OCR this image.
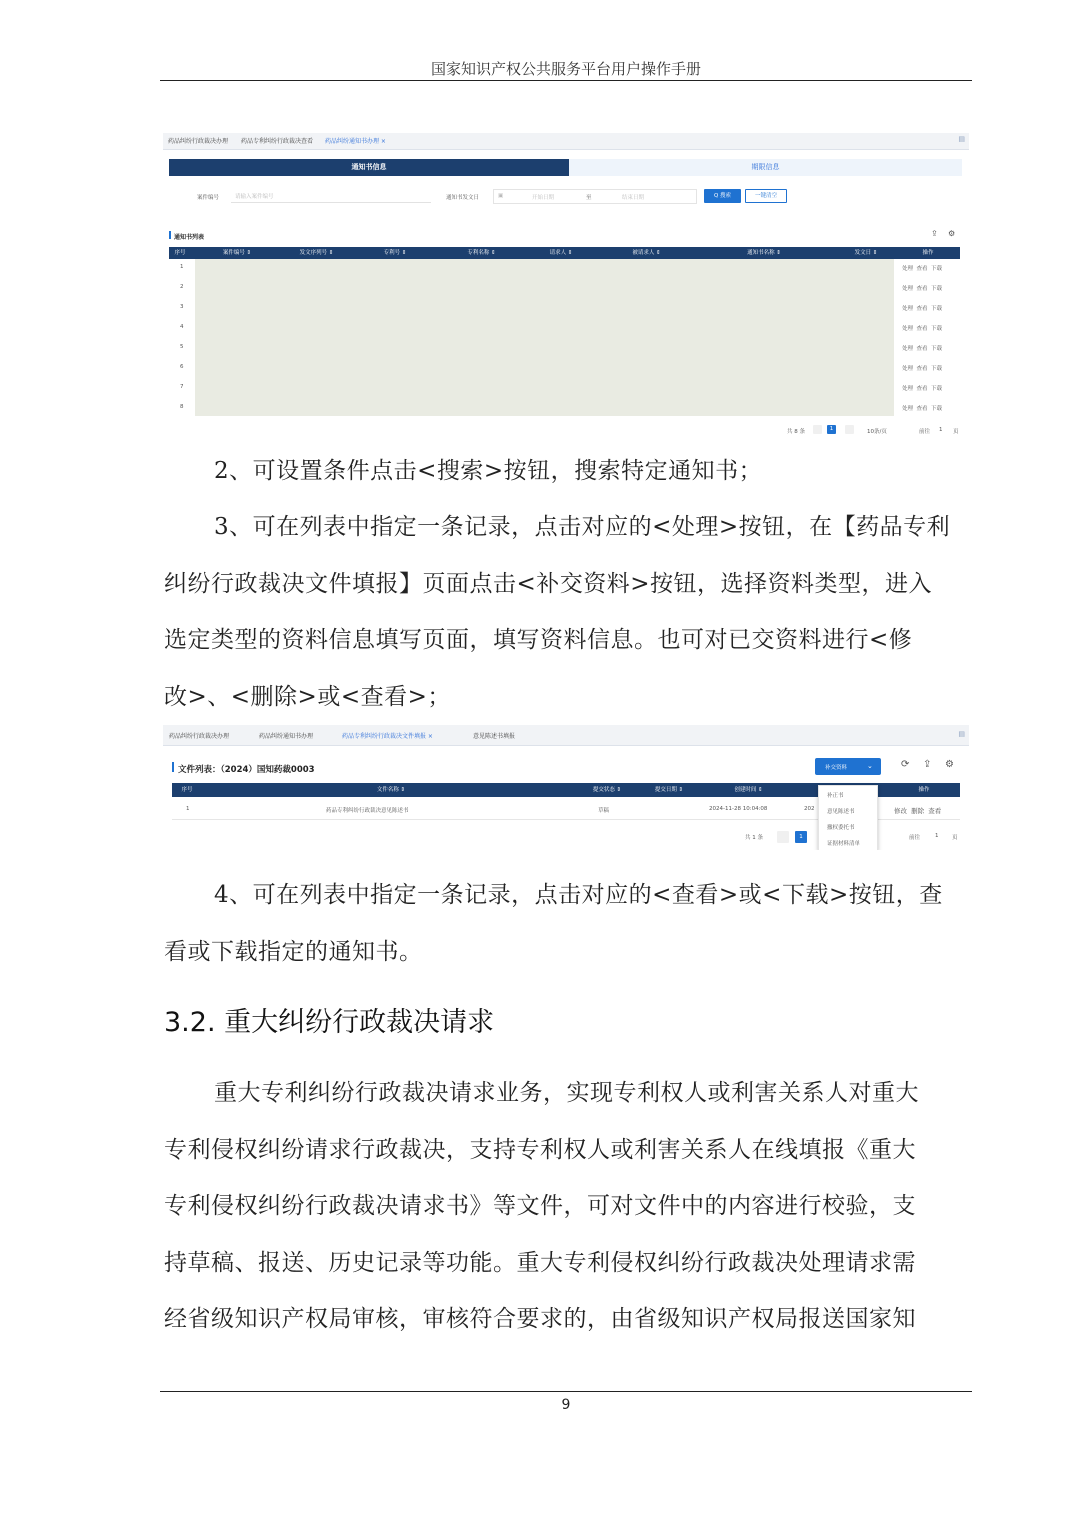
国家知识产权公共服务平台用户操作手册
药品纠纷行政裁决办理 药品专利纠纷行政裁决查看 药品纠纷通知书办理 ×	▤
通知书信息	期限信息
案件编号	请输入案件编号	通知书发文日	▣	开始日期	至	结束日期	Q 搜索	一键清空
通知书列表	⇪ ⚙
序号	案件编号 ⇕	发文序列号 ⇕	专利号 ⇕	专利名称 ⇕	请求人 ⇕	被请求人 ⇕	通知书名称 ⇕	发文日 ⇕	操作
1	处理 查看 下载
2	处理 查看 下载
3	处理 查看 下载
4	处理 查看 下载
5	处理 查看 下载
6	处理 查看 下载
7	处理 查看 下载
8	处理 查看 下载
共 8 条	1	10条/页	前往 1 页
2、可设置条件点击<搜索>按钮，搜索特定通知书；
3、可在列表中指定一条记录，点击对应的<处理>按钮，在【药品专利
纠纷行政裁决文件填报】页面点击<补交资料>按钮，选择资料类型，进入
选定类型的资料信息填写页面，填写资料信息。也可对已交资料进行<修
改>、<删除>或<查看>；
药品纠纷行政裁决办理	药品纠纷通知书办理	药品专利纠纷行政裁决文件填报 ×	意见陈述书填报	▤
文件列表：（2024）国知药裁0003	补交资料	⌄	⟳ ⇪ ⚙
序号	文件名称 ⇕	提交状态 ⇕	提交日期 ⇕	创建时间 ⇕	操作
1	药品专利纠纷行政裁决意见陈述书	草稿	2024-11-28 10:04:08	202	修改 删除 查看
补正书
意见陈述书
撤权委托书
证据材料清单
共 1 条	1	前往	1 页
4、可在列表中指定一条记录，点击对应的<查看>或<下载>按钮，查
看或下载指定的通知书。
3.2. 重大纠纷行政裁决请求
重大专利纠纷行政裁决请求业务，实现专利权人或利害关系人对重大
专利侵权纠纷请求行政裁决，支持专利权人或利害关系人在线填报《重大
专利侵权纠纷行政裁决请求书》等文件，可对文件中的内容进行校验，支
持草稿、报送、历史记录等功能。重大专利侵权纠纷行政裁决处理请求需
经省级知识产权局审核，审核符合要求的，由省级知识产权局报送国家知
9
